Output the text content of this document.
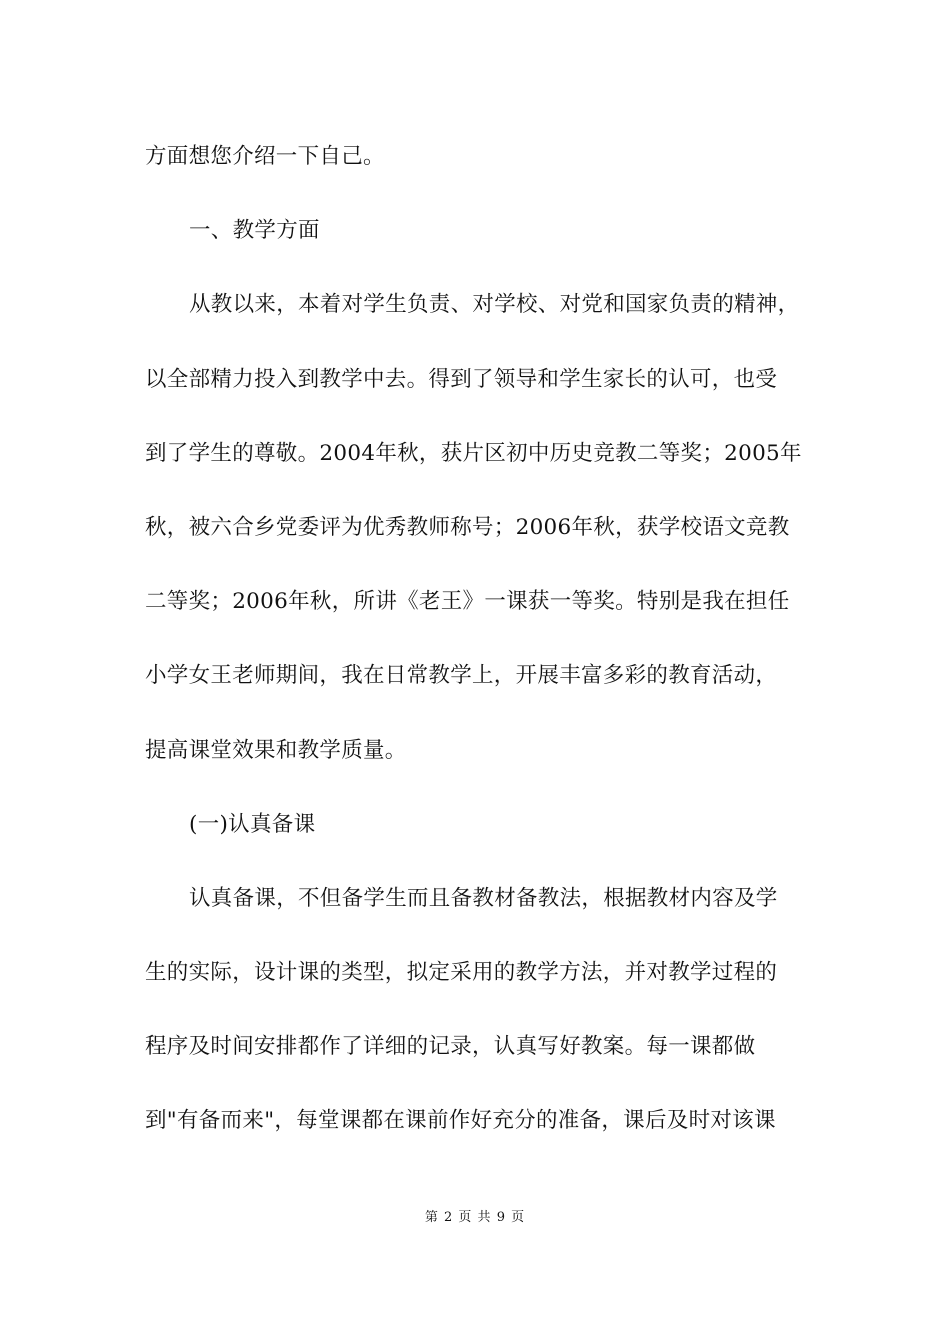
方面想您介绍一下自己。
一、教学方面
从教以来，本着对学生负责、对学校、对党和国家负责的精神，
以全部精力投入到教学中去。得到了领导和学生家长的认可，也受
到了学生的尊敬。2004年秋，获片区初中历史竞教二等奖；2005年
秋，被六合乡党委评为优秀教师称号；2006年秋，获学校语文竞教
二等奖；2006年秋，所讲《老王》一课获一等奖。特别是我在担任
小学女王老师期间，我在日常教学上，开展丰富多彩的教育活动，
提高课堂效果和教学质量。
(一)认真备课
认真备课，不但备学生而且备教材备教法，根据教材内容及学
生的实际，设计课的类型，拟定采用的教学方法，并对教学过程的
程序及时间安排都作了详细的记录，认真写好教案。每一课都做
到"有备而来"，每堂课都在课前作好充分的准备，课后及时对该课
第 2 页 共 9 页
